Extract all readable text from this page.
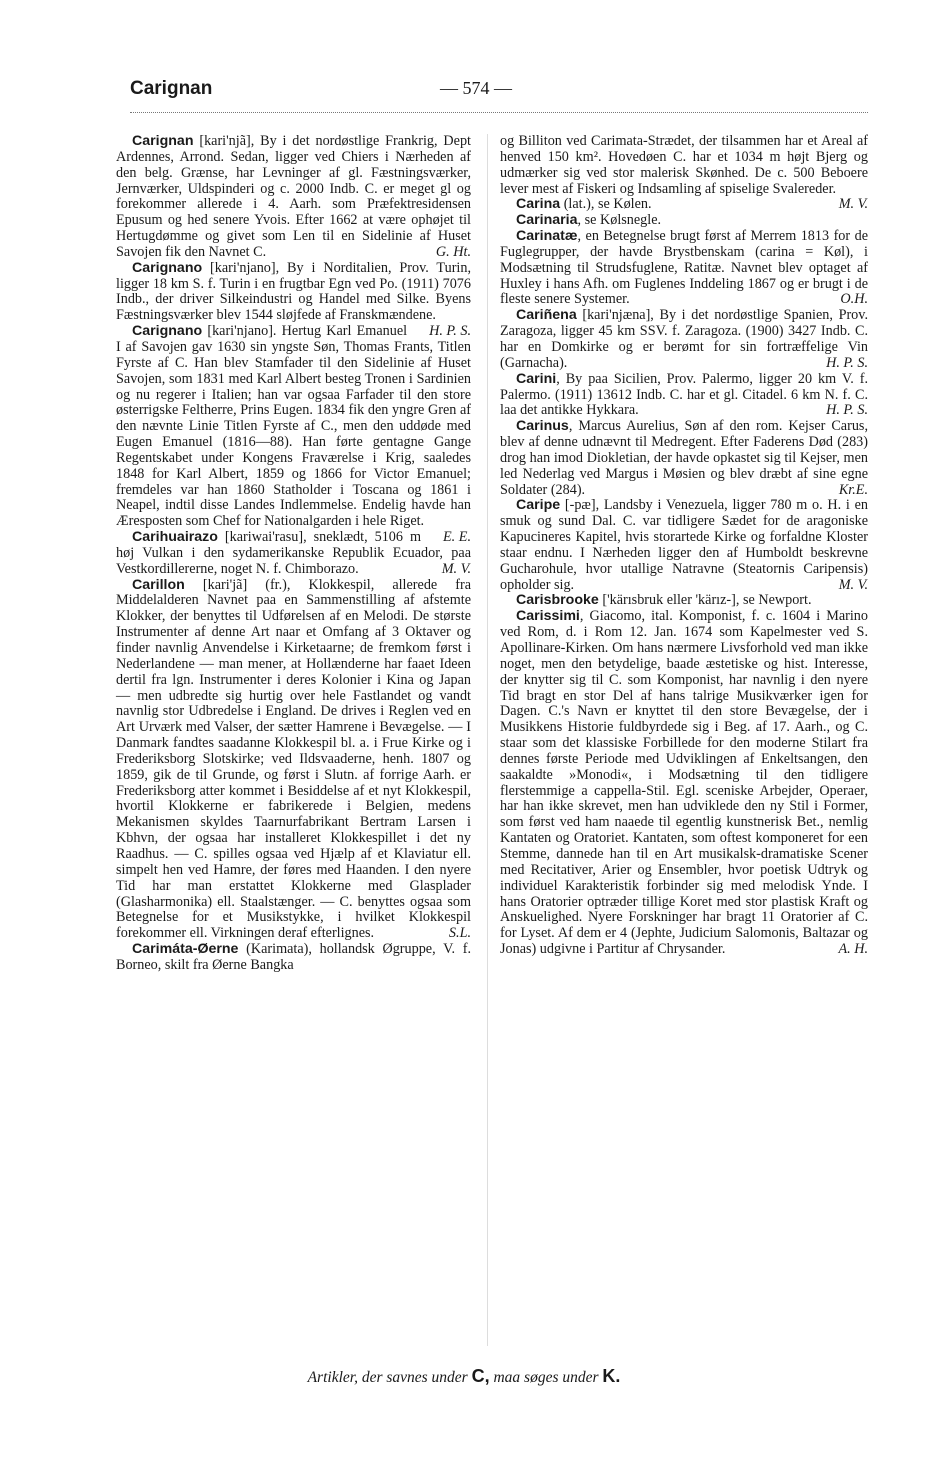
Carignan	— 574 —

Carignan [kari'njã], By i det nordøstlige Frankrig, Dept Ardennes, Arrond. Sedan, ligger ved Chiers i Nærheden af den belg. Grænse, har Levninger af gl. Fæstningsværker, Jernværker, Uldspinderi og c. 2000 Indb. C. er meget gl og forekommer allerede i 4. Aarh. som Præfektresidensen Epusum og hed senere Yvois. Efter 1662 at være ophøjet til Hertugdømme og givet som Len til en Sidelinie af Huset Savojen fik den Navnet C.	G. Ht.

Carignano [kari'njano], By i Norditalien, Prov. Turin, ligger 18 km S. f. Turin i en frugtbar Egn ved Po. (1911) 7076 Indb., der driver Silkeindustri og Handel med Silke. Byens Fæstningsværker blev 1544 sløjfede af Franskmændene.
H. P. S.

Carignano [kari'njano]. Hertug Karl Emanuel I af Savojen gav 1630 sin yngste Søn, Thomas Frants, Titlen Fyrste af C. Han blev Stamfader til den Sidelinie af Huset Savojen, som 1831 med Karl Albert besteg Tronen i Sardinien og nu regerer i Italien; han var ogsaa Farfader til den store østerrigske Feltherre, Prins Eugen. 1834 fik den yngre Gren af den nævnte Linie Titlen Fyrste af C., men den uddøde med Eugen Emanuel (1816—88). Han førte gentagne Gange Regentskabet under Kongens Fraværelse i Krig, saaledes 1848 for Karl Albert, 1859 og 1866 for Victor Emanuel; fremdeles var han 1860 Statholder i Toscana og 1861 i Neapel, indtil disse Landes Indlemmelse. Endelig havde han Æresposten som Chef for Nationalgarden i hele Riget.
E. E.

Carihuairazo [kariwai'rasu], sneklædt, 5106 m høj Vulkan i den sydamerikanske Republik Ecuador, paa Vestkordillererne, noget N. f. Chimborazo.	M. V.

Carillon [kari'jã] (fr.), Klokkespil, allerede fra Middelalderen Navnet paa en Sammenstilling af afstemte Klokker, der benyttes til Udførelsen af en Melodi. De største Instrumenter af denne Art naar et Omfang af 3 Oktaver og finder navnlig Anvendelse i Kirketaarne; de fremkom først i Nederlandene — man mener, at Hollænderne har faaet Ideen dertil fra lgn. Instrumenter i deres Kolonier i Kina og Japan — men udbredte sig hurtig over hele Fastlandet og vandt navnlig stor Udbredelse i England. De drives i Reglen ved en Art Urværk med Valser, der sætter Hamrene i Bevægelse. — I Danmark fandtes saadanne Klokkespil bl. a. i Frue Kirke og i Frederiksborg Slotskirke; ved Ildsvaaderne, henh. 1807 og 1859, gik de til Grunde, og først i Slutn. af forrige Aarh. er Frederiksborg atter kommet i Besiddelse af et nyt Klokkespil, hvortil Klokkerne er fabrikerede i Belgien, medens Mekanismen skyldes Taarnurfabrikant Bertram Larsen i Kbhvn, der ogsaa har installeret Klokkespillet i det ny Raadhus. — C. spilles ogsaa ved Hjælp af et Klaviatur ell. simpelt hen ved Hamre, der føres med Haanden. I den nyere Tid har man erstattet Klokkerne med Glasplader (Glasharmonika) ell. Staalstænger. — C. benyttes ogsaa som Betegnelse for et Musikstykke, i hvilket Klokkespil forekommer ell. Virkningen deraf efterlignes.	S.L.

Carimáta-Øerne (Karimata), hollandsk Øgruppe, V. f. Borneo, skilt fra Øerne Bangka

og Billiton ved Carimata-Strædet, der tilsammen har et Areal af henved 150 km². Hovedøen C. har et 1034 m højt Bjerg og udmærker sig ved stor malerisk Skønhed. De c. 500 Beboere lever mest af Fiskeri og Indsamling af spiselige Svalereder.
M. V.

Carina (lat.), se Kølen.

Carinaria, se Kølsnegle.

Carinatæ, en Betegnelse brugt først af Merrem 1813 for de Fuglegrupper, der havde Brystbenskam (carina = Køl), i Modsætning til Strudsfuglene, Ratitæ. Navnet blev optaget af Huxley i hans Afh. om Fuglenes Inddeling 1867 og er brugt i de fleste senere Systemer.	O.H.

Cariñena [kari'njæna], By i det nordøstlige Spanien, Prov. Zaragoza, ligger 45 km SSV. f. Zaragoza. (1900) 3427 Indb. C. har en Domkirke og er berømt for sin fortræffelige Vin (Garnacha).	H. P. S.

Carini, By paa Sicilien, Prov. Palermo, ligger 20 km V. f. Palermo. (1911) 13612 Indb. C. har et gl. Citadel. 6 km N. f. C. laa det antikke Hykkara.	H. P. S.

Carinus, Marcus Aurelius, Søn af den rom. Kejser Carus, blev af denne udnævnt til Medregent. Efter Faderens Død (283) drog han imod Diokletian, der havde opkastet sig til Kejser, men led Nederlag ved Margus i Møsien og blev dræbt af sine egne Soldater (284).	Kr.E.

Caripe [-pæ], Landsby i Venezuela, ligger 780 m o. H. i en smuk og sund Dal. C. var tidligere Sædet for de aragoniske Kapucineres Kapitel, hvis storartede Kirke og forfaldne Kloster staar endnu. I Nærheden ligger den af Humboldt beskrevne Gucharohule, hvor utallige Natravne (Steatornis Caripensis) opholder sig.	M. V.

Carisbrooke ['kärısbruk eller 'kärız-], se Newport.

Carissimi, Giacomo, ital. Komponist, f. c. 1604 i Marino ved Rom, d. i Rom 12. Jan. 1674 som Kapelmester ved S. Apollinare-Kirken. Om hans nærmere Livsforhold ved man ikke noget, men den betydelige, baade æstetiske og hist. Interesse, der knytter sig til C. som Komponist, har navnlig i den nyere Tid bragt en stor Del af hans talrige Musikværker igen for Dagen. C.'s Navn er knyttet til den store Bevægelse, der i Musikkens Historie fuldbyrdede sig i Beg. af 17. Aarh., og C. staar som det klassiske Forbillede for den moderne Stilart fra dennes første Periode med Udviklingen af Enkeltsangen, den saakaldte »Monodi«, i Modsætning til den tidligere flerstemmige a cappella-Stil. Egl. sceniske Arbejder, Operaer, har han ikke skrevet, men han udviklede den ny Stil i Former, som først ved ham naaede til egentlig kunstnerisk Bet., nemlig Kantaten og Oratoriet. Kantaten, som oftest komponeret for een Stemme, dannede han til en Art musikalsk-dramatiske Scener med Recitativer, Arier og Ensembler, hvor poetisk Udtryk og individuel Karakteristik forbinder sig med melodisk Ynde. I hans Oratorier optræder tillige Koret med stor plastisk Kraft og Anskuelighed. Nyere Forskninger har bragt 11 Oratorier af C. for Lyset. Af dem er 4 (Jephte, Judicium Salomonis, Baltazar og Jonas) udgivne i Partitur af Chrysander.	A. H.

Artikler, der savnes under C, maa søges under K.
